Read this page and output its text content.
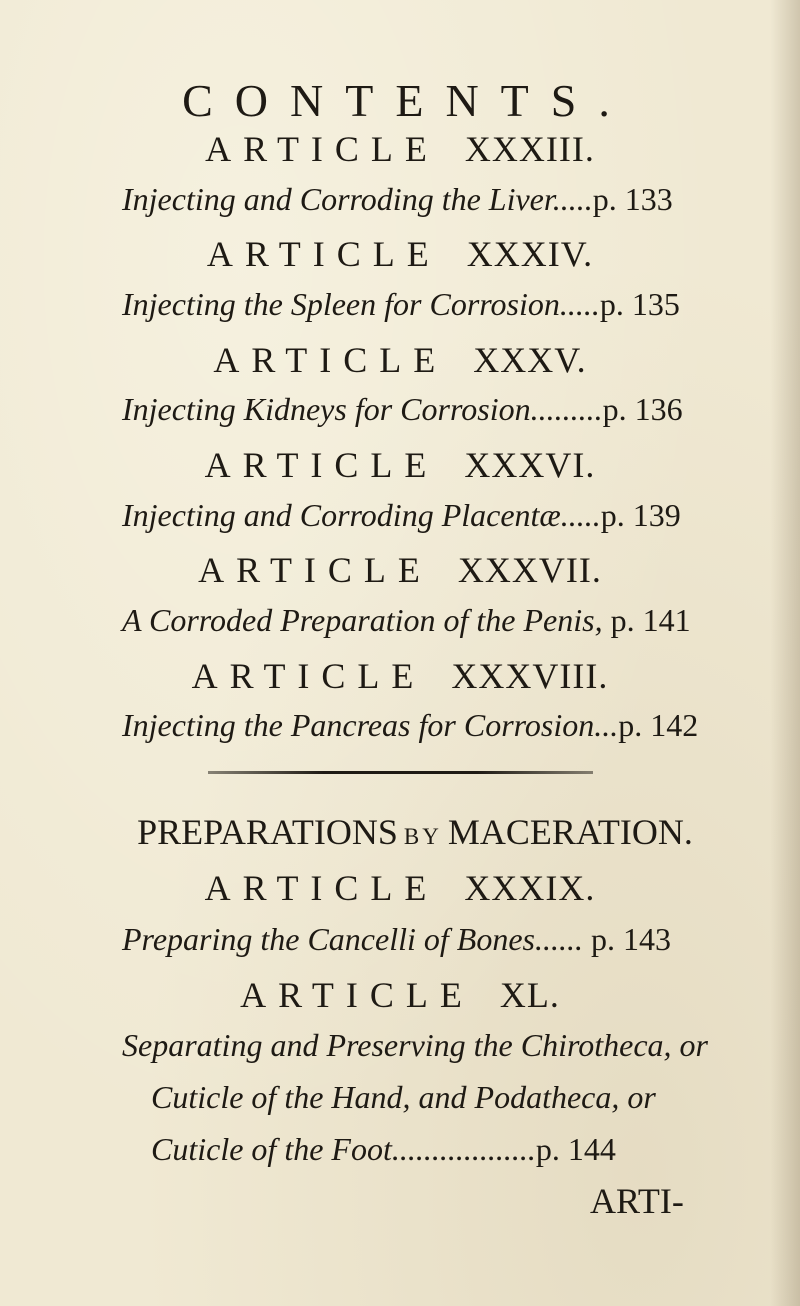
CONTENTS.
ARTICLE XXXIII.
Injecting and Corroding the Liver.....p. 133
ARTICLE XXXIV.
Injecting the Spleen for Corrosion.....p. 135
ARTICLE XXXV.
Injecting Kidneys for Corrosion.........p. 136
ARTICLE XXXVI.
Injecting and Corroding Placentæ.....p. 139
ARTICLE XXXVII.
A Corroded Preparation of the Penis, p. 141
ARTICLE XXXVIII.
Injecting the Pancreas for Corrosion...p. 142
PREPARATIONS BY MACERATION.
ARTICLE XXXIX.
Preparing the Cancelli of Bones...... p. 143
ARTICLE XL.
Separating and Preserving the Chirotheca, or
Cuticle of the Hand, and Podatheca, or
Cuticle of the Foot..................p. 144
ARTI-
